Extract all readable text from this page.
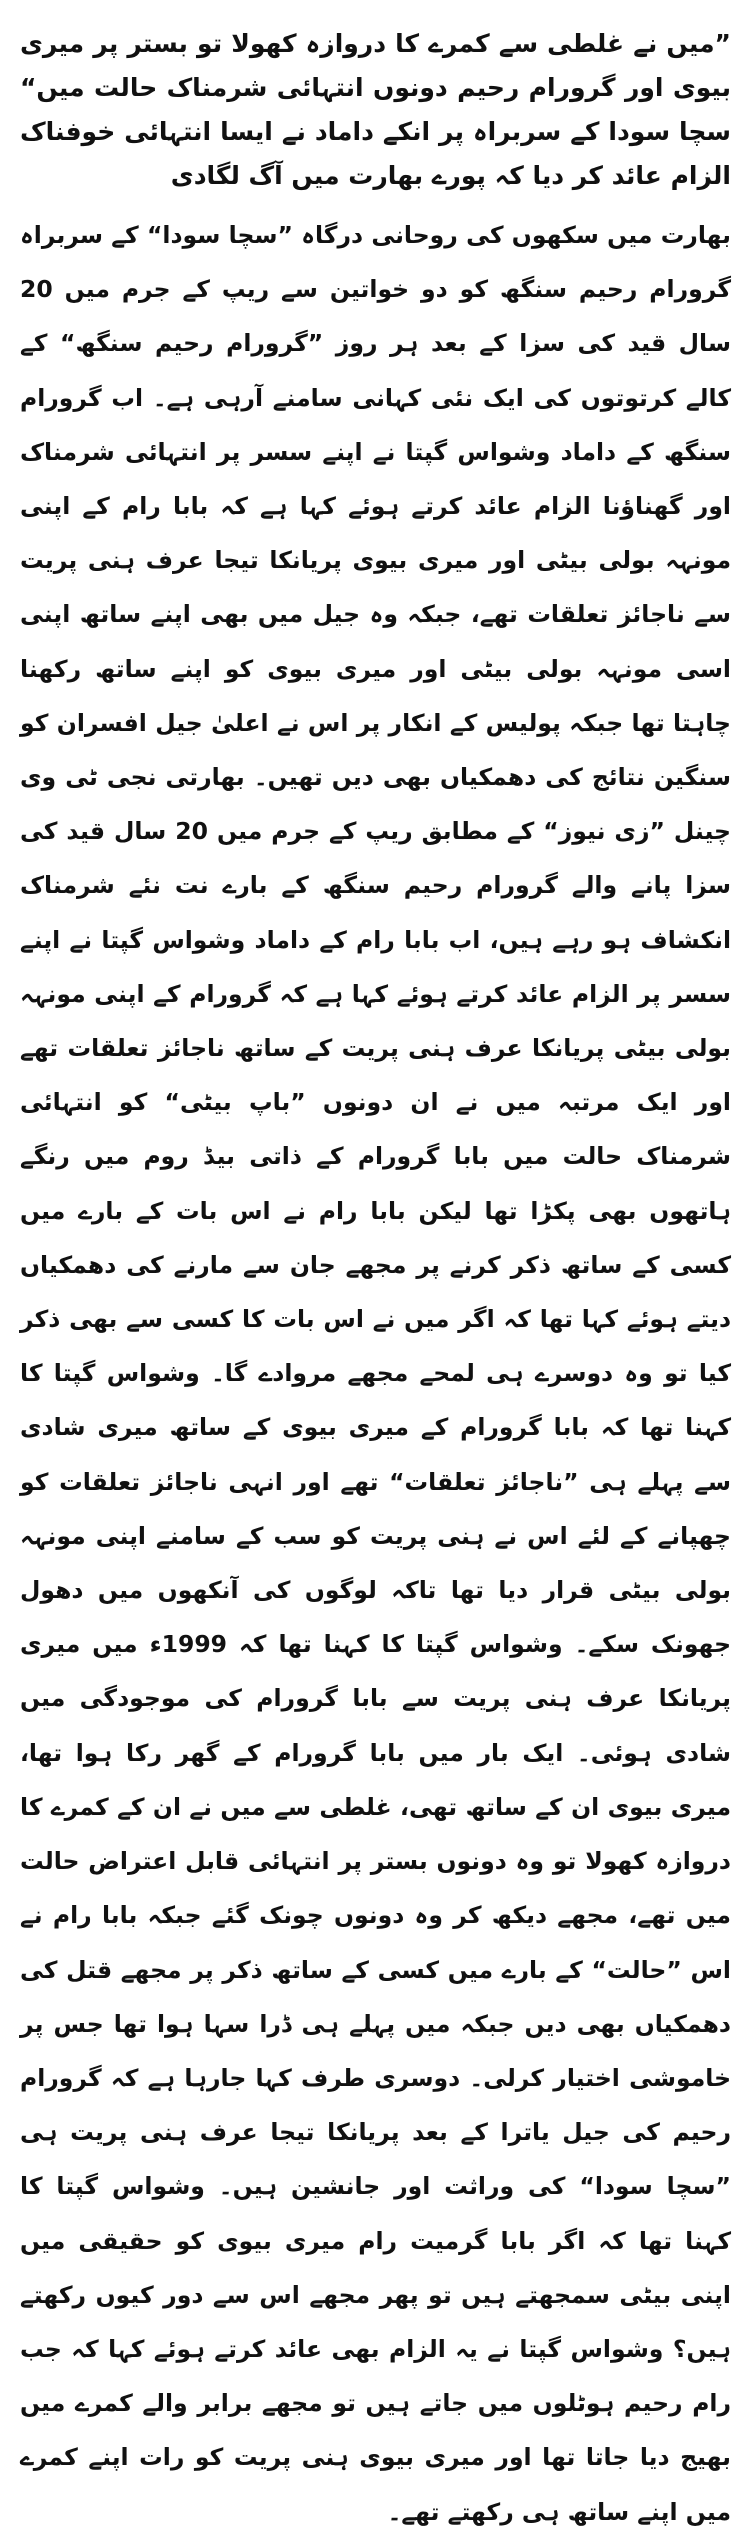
”میں نے غلطی سے کمرے کا دروازہ کھولا تو بستر پر میری بیوی اور گرورام رحیم دونوں انتہائی شرمناک حالت میں“ سچا سودا کے سربراہ پر انکے داماد نے ایسا انتہائی خوفناک الزام عائد کر دیا کہ پورے بھارت میں آگ لگادی

بھارت میں سکھوں کی روحانی درگاہ ”سچا سودا“ کے سربراہ گرورام رحیم سنگھ کو دو خواتین سے ریپ کے جرم میں 20 سال قید کی سزا کے بعد ہر روز ”گرورام رحیم سنگھ“ کے کالے کرتوتوں کی ایک نئی کہانی سامنے آرہی ہے۔ اب گرورام سنگھ کے داماد وشواس گپتا نے اپنے سسر پر انتہائی شرمناک اور گھناؤنا الزام عائد کرتے ہوئے کہا ہے کہ بابا رام کے اپنی مونہہ بولی بیٹی اور میری بیوی پریانکا تیجا عرف ہنی پریت سے ناجائز تعلقات تھے، جبکہ وہ جیل میں بھی اپنے ساتھ اپنی اسی مونہہ بولی بیٹی اور میری بیوی کو اپنے ساتھ رکھنا چاہتا تھا جبکہ پولیس کے انکار پر اس نے اعلیٰ جیل افسران کو سنگین نتائج کی دھمکیاں بھی دیں تھیں۔ بھارتی نجی ٹی وی چینل ”زی نیوز“ کے مطابق ریپ کے جرم میں 20 سال قید کی سزا پانے والے گرورام رحیم سنگھ کے بارے نت نئے شرمناک انکشاف ہو رہے ہیں، اب بابا رام کے داماد وشواس گپتا نے اپنے سسر پر الزام عائد کرتے ہوئے کہا ہے کہ گرورام کے اپنی مونہہ بولی بیٹی پریانکا عرف ہنی پریت کے ساتھ ناجائز تعلقات تھے اور ایک مرتبہ میں نے ان دونوں ”باپ بیٹی“ کو انتہائی شرمناک حالت میں بابا گرورام کے ذاتی بیڈ روم میں رنگے ہاتھوں بھی پکڑا تھا لیکن بابا رام نے اس بات کے بارے میں کسی کے ساتھ ذکر کرنے پر مجھے جان سے مارنے کی دھمکیاں دیتے ہوئے کہا تھا کہ اگر میں نے اس بات کا کسی سے بھی ذکر کیا تو وہ دوسرے ہی لمحے مجھے مروادے گا۔ وشواس گپتا کا کہنا تھا کہ بابا گرورام کے میری بیوی کے ساتھ میری شادی سے پہلے ہی ”ناجائز تعلقات“ تھے اور انہی ناجائز تعلقات کو چھپانے کے لئے اس نے ہنی پریت کو سب کے سامنے اپنی مونہہ بولی بیٹی قرار دیا تھا تاکہ لوگوں کی آنکھوں میں دھول جھونک سکے۔ وشواس گپتا کا کہنا تھا کہ 1999ء میں میری پریانکا عرف ہنی پریت سے بابا گرورام کی موجودگی میں شادی ہوئی۔ ایک بار میں بابا گرورام کے گھر رکا ہوا تھا، میری بیوی ان کے ساتھ تھی، غلطی سے میں نے ان کے کمرے کا دروازہ کھولا تو وہ دونوں بستر پر انتہائی قابل اعتراض حالت میں تھے، مجھے دیکھ کر وہ دونوں چونک گئے جبکہ بابا رام نے اس ”حالت“ کے بارے میں کسی کے ساتھ ذکر پر مجھے قتل کی دھمکیاں بھی دیں جبکہ میں پہلے ہی ڈرا سہا ہوا تھا جس پر خاموشی اختیار کرلی۔ دوسری طرف کہا جارہا ہے کہ گرورام رحیم کی جیل یاترا کے بعد پریانکا تیجا عرف ہنی پریت ہی ”سچا سودا“ کی وراثت اور جانشین ہیں۔ وشواس گپتا کا کہنا تھا کہ اگر بابا گرمیت رام میری بیوی کو حقیقی میں اپنی بیٹی سمجھتے ہیں تو پھر مجھے اس سے دور کیوں رکھتے ہیں؟ وشواس گپتا نے یہ الزام بھی عائد کرتے ہوئے کہا کہ جب رام رحیم ہوٹلوں میں جاتے ہیں تو مجھے برابر والے کمرے میں بھیج دیا جاتا تھا اور میری بیوی ہنی پریت کو رات اپنے کمرے میں اپنے ساتھ ہی رکھتے تھے۔
